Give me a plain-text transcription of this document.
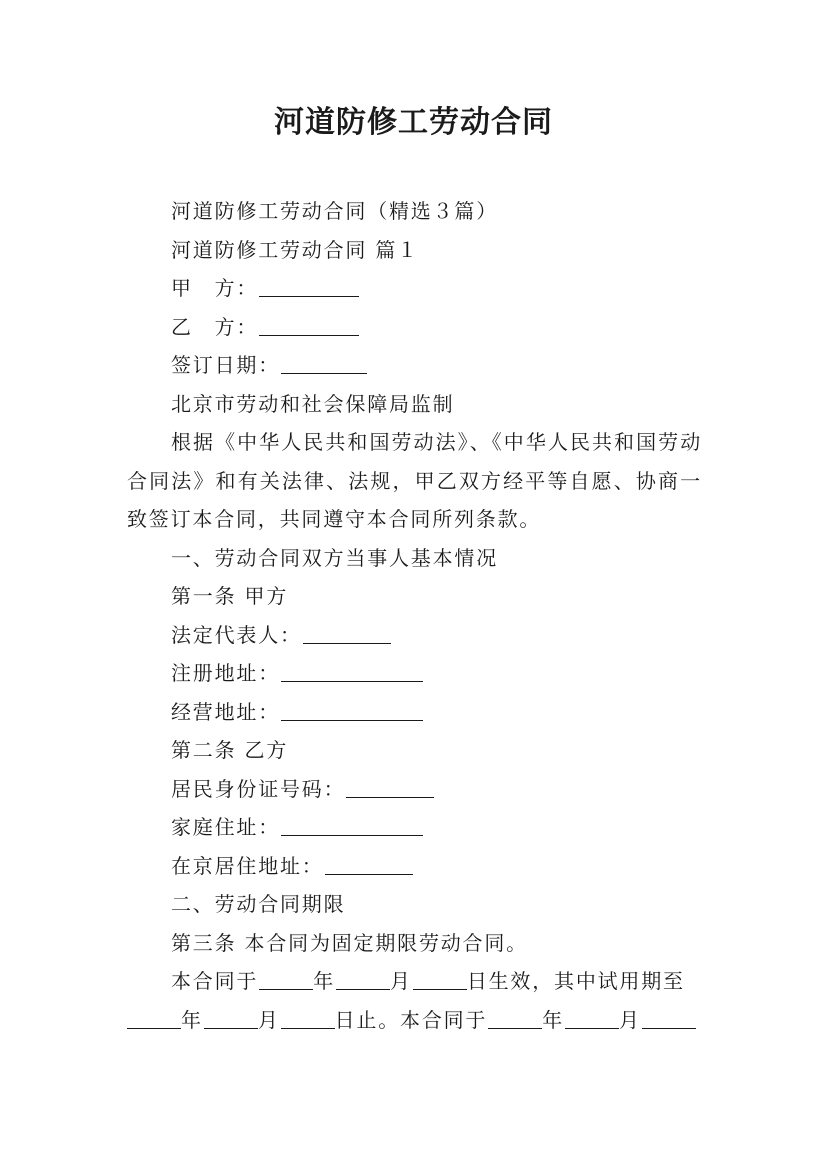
河道防修工劳动合同

河道防修工劳动合同（精选３篇）

河道防修工劳动合同 篇１

甲　方：

乙　方：

签订日期：

北京市劳动和社会保障局监制

根据《中华人民共和国劳动法》、《中华人民共和国劳动合同法》和有关法律、法规，甲乙双方经平等自愿、协商一致签订本合同，共同遵守本合同所列条款。

一、劳动合同双方当事人基本情况

第一条 甲方

法定代表人：

注册地址：

经营地址：

第二条 乙方

居民身份证号码：

家庭住址：

在京居住地址：

二、劳动合同期限

第三条 本合同为固定期限劳动合同。

本合同于	年	月	日生效，其中试用期至

年	月	日止。本合同于	年	月
